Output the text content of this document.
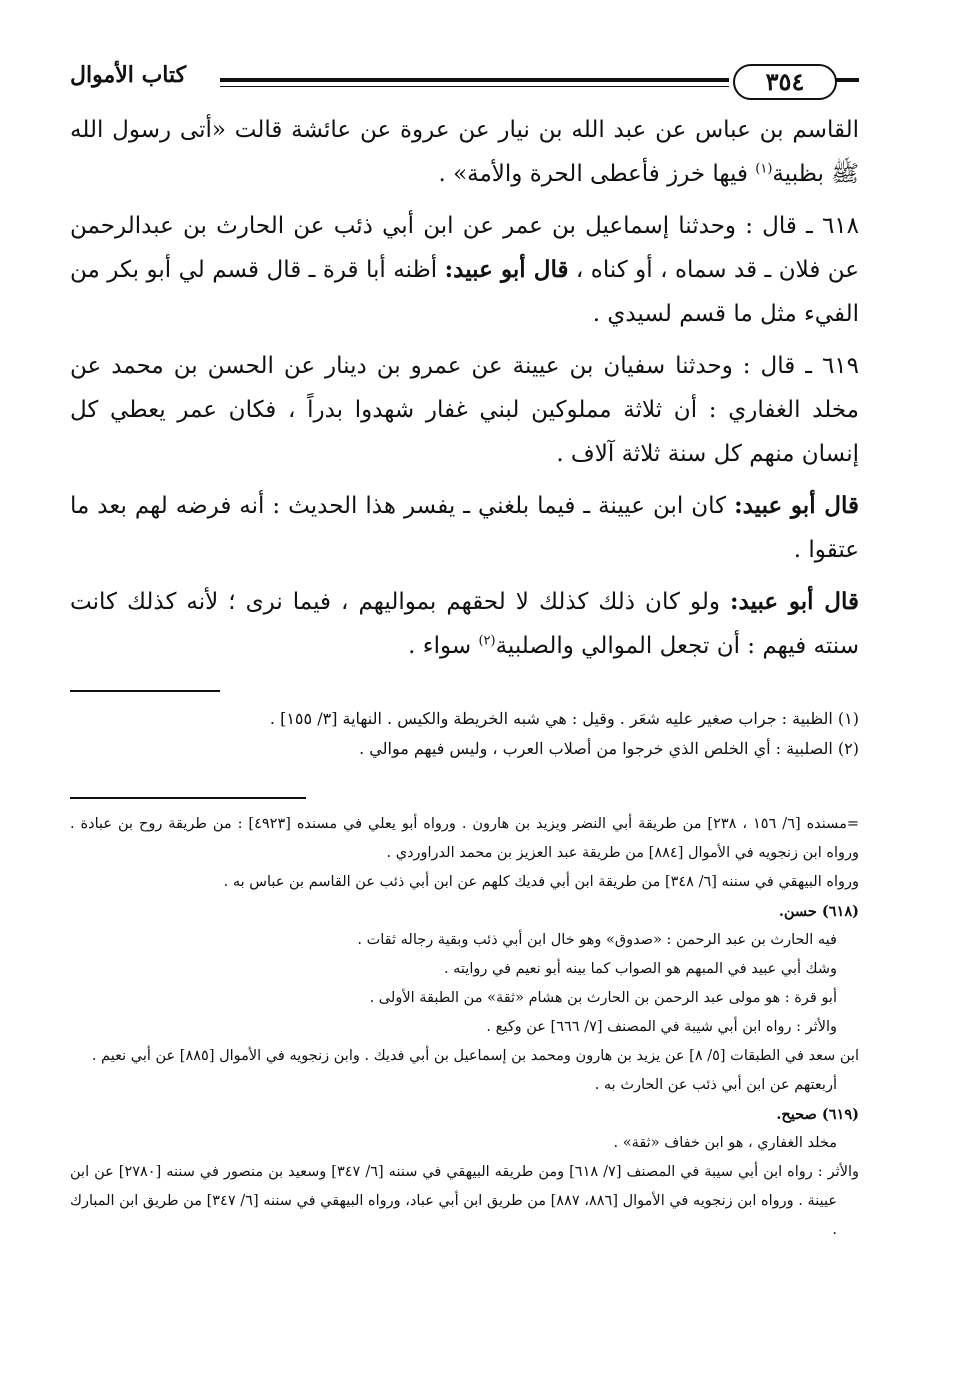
٣٥٤
كتاب الأموال

القاسم بن عباس عن عبد الله بن نيار عن عروة عن عائشة قالت «أتى رسول الله ﷺ بظبية$^{(١)}$ فيها خرز فأعطى الحرة والأمة» .

٦١٨ ـ قال : وحدثنا إسماعيل بن عمر عن ابن أبي ذئب عن الحارث بن عبدالرحمن عن فلان ـ قد سماه ، أو كناه ، قال أبو عبيد: أظنه أبا قرة ـ قال قسم لي أبو بكر من الفيء مثل ما قسم لسيدي .

٦١٩ ـ قال : وحدثنا سفيان بن عيينة عن عمرو بن دينار عن الحسن بن محمد عن مخلد الغفاري : أن ثلاثة مملوكين لبني غفار شهدوا بدراً ، فكان عمر يعطي كل إنسان منهم كل سنة ثلاثة آلاف .

قال أبو عبيد: كان ابن عيينة ـ فيما بلغني ـ يفسر هذا الحديث : أنه فرضه لهم بعد ما عتقوا .

قال أبو عبيد: ولو كان ذلك كذلك لا لحقهم بمواليهم ، فيما نرى ؛ لأنه كذلك كانت سنته فيهم : أن تجعل الموالي والصلبية$^{(٢)}$ سواء .

(١) الظبية : جراب صغير عليه شعَر . وقيل : هي شبه الخريطة والكيس . النهاية [٣/ ١٥٥] .

(٢) الصلبية : أي الخلص الذي خرجوا من أصلاب العرب ، وليس فيهم موالي .

=مسنده [٦/ ١٥٦ ، ٢٣٨] من طريقة أبي النضر ويزيد بن هارون . ورواه أبو يعلي في مسنده [٤٩٢٣] : من طريقة روح بن عبادة . ورواه ابن زنجويه في الأموال [٨٨٤] من طريقة عبد العزيز بن محمد الدراوردي .

ورواه البيهقي في سننه [٦/ ٣٤٨] من طريقة ابن أبي فديك كلهم عن ابن أبي ذئب عن القاسم بن عباس به .

(٦١٨) حسن.

فيه الحارث بن عبد الرحمن : «صدوق» وهو خال ابن أبي ذئب وبقية رجاله ثقات .

وشك أبي عبيد في المبهم هو الصواب كما بينه أبو نعيم في روايته .

أبو قرة : هو مولى عبد الرحمن بن الحارث بن هشام «ثقة» من الطبقة الأولى .

والأثر : رواه ابن أبي شيبة في المصنف [٧/ ٦٦٦] عن وكيع .

ابن سعد في الطبقات [٥/ ٨] عن يزيد بن هارون ومحمد بن إسماعيل بن أبي فديك . وابن زنجويه في الأموال [٨٨٥] عن أبي نعيم .

أربعتهم عن ابن أبي ذئب عن الحارث به .

(٦١٩) صحيح.

مخلد الغفاري ، هو ابن خفاف «ثقة» .

والأثر : رواه ابن أبي سيبة في المصنف [٧/ ٦١٨] ومن طريقه البيهقي في سننه [٦/ ٣٤٧] وسعيد بن منصور في سننه [٢٧٨٠] عن ابن عيينة . ورواه ابن زنجويه في الأموال [٨٨٦، ٨٨٧] من طريق ابن أبي عباد، ورواه البيهقي في سننه [٦/ ٣٤٧] من طريق ابن المبارك .
